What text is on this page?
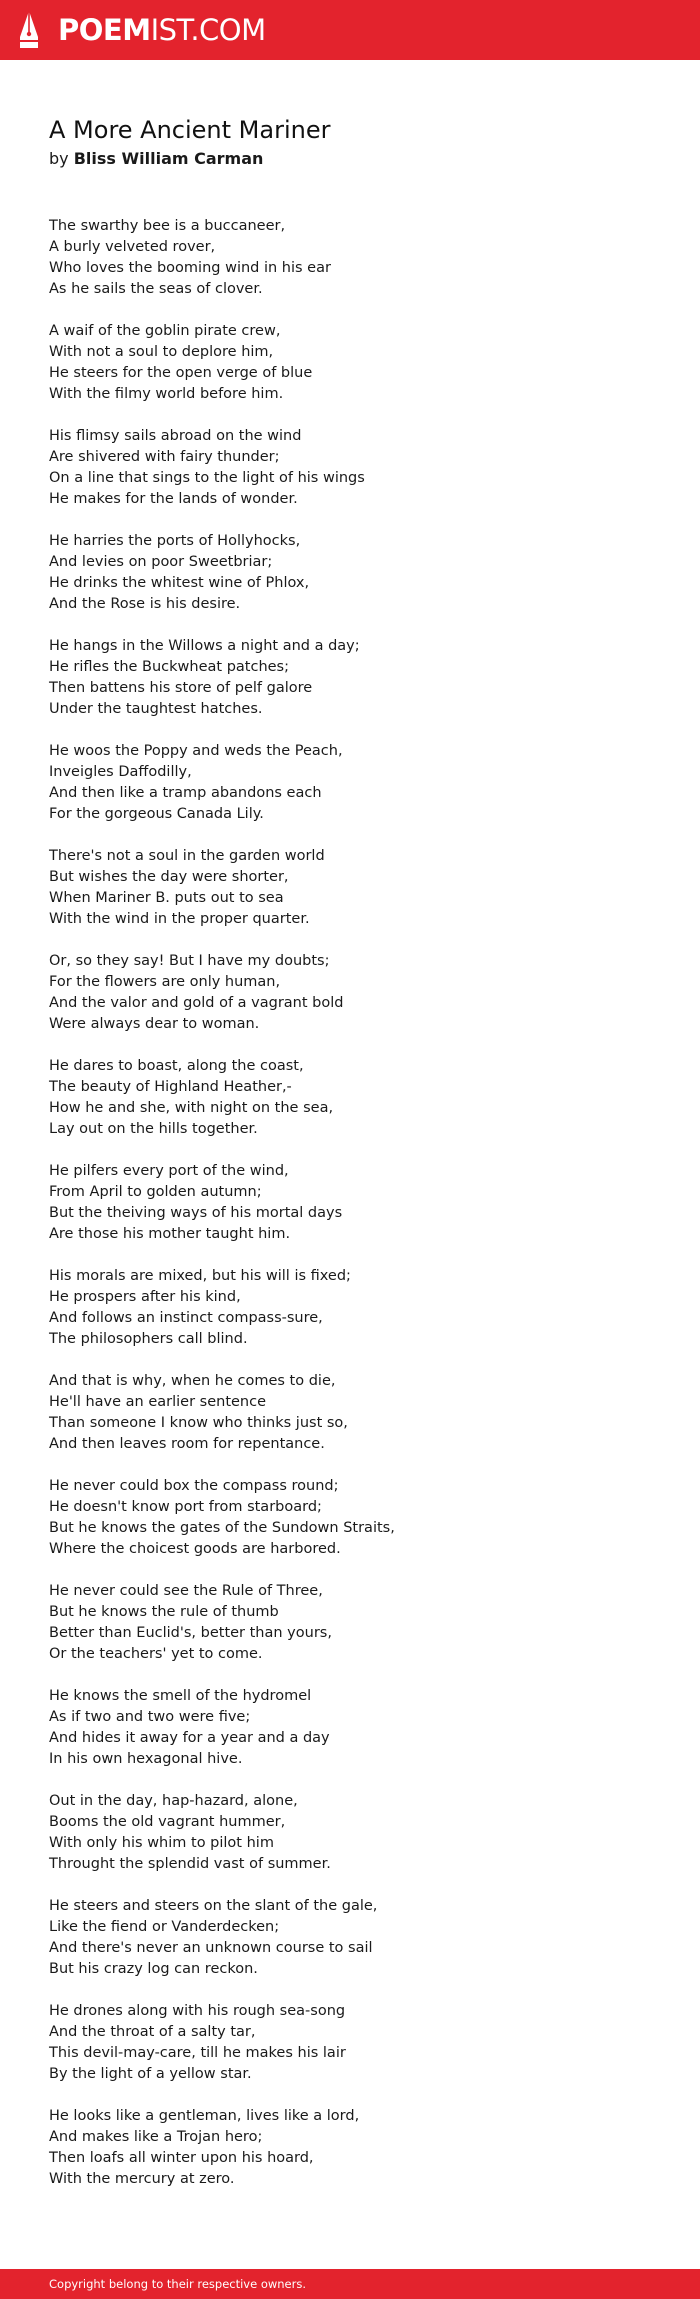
POEMIST.COM
A More Ancient Mariner
by Bliss William Carman
The swarthy bee is a buccaneer,
A burly velveted rover,
Who loves the booming wind in his ear
As he sails the seas of clover.
A waif of the goblin pirate crew,
With not a soul to deplore him,
He steers for the open verge of blue
With the filmy world before him.
His flimsy sails abroad on the wind
Are shivered with fairy thunder;
On a line that sings to the light of his wings
He makes for the lands of wonder.
He harries the ports of Hollyhocks,
And levies on poor Sweetbriar;
He drinks the whitest wine of Phlox,
And the Rose is his desire.
He hangs in the Willows a night and a day;
He rifles the Buckwheat patches;
Then battens his store of pelf galore
Under the taughtest hatches.
He woos the Poppy and weds the Peach,
Inveigles Daffodilly,
And then like a tramp abandons each
For the gorgeous Canada Lily.
There's not a soul in the garden world
But wishes the day were shorter,
When Mariner B. puts out to sea
With the wind in the proper quarter.
Or, so they say! But I have my doubts;
For the flowers are only human,
And the valor and gold of a vagrant bold
Were always dear to woman.
He dares to boast, along the coast,
The beauty of Highland Heather,-
How he and she, with night on the sea,
Lay out on the hills together.
He pilfers every port of the wind,
From April to golden autumn;
But the theiving ways of his mortal days
Are those his mother taught him.
His morals are mixed, but his will is fixed;
He prospers after his kind,
And follows an instinct compass-sure,
The philosophers call blind.
And that is why, when he comes to die,
He'll have an earlier sentence
Than someone I know who thinks just so,
And then leaves room for repentance.
He never could box the compass round;
He doesn't know port from starboard;
But he knows the gates of the Sundown Straits,
Where the choicest goods are harbored.
He never could see the Rule of Three,
But he knows the rule of thumb
Better than Euclid's, better than yours,
Or the teachers' yet to come.
He knows the smell of the hydromel
As if two and two were five;
And hides it away for a year and a day
In his own hexagonal hive.
Out in the day, hap-hazard, alone,
Booms the old vagrant hummer,
With only his whim to pilot him
Throught the splendid vast of summer.
He steers and steers on the slant of the gale,
Like the fiend or Vanderdecken;
And there's never an unknown course to sail
But his crazy log can reckon.
He drones along with his rough sea-song
And the throat of a salty tar,
This devil-may-care, till he makes his lair
By the light of a yellow star.
He looks like a gentleman, lives like a lord,
And makes like a Trojan hero;
Then loafs all winter upon his hoard,
With the mercury at zero.
Copyright belong to their respective owners.
